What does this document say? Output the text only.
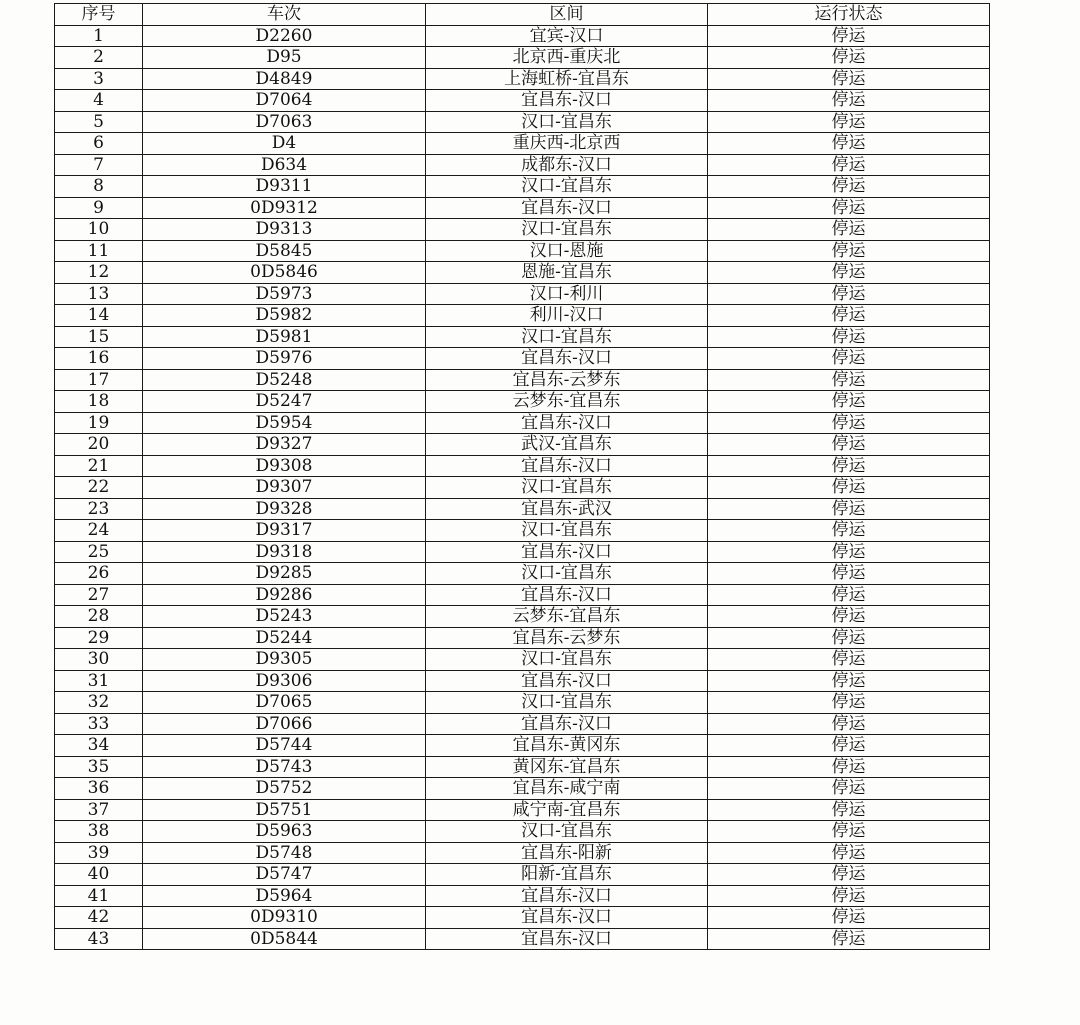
序号	车次	区间	运行状态
1	D2260	宜宾-汉口	停运
2	D95	北京西-重庆北	停运
3	D4849	上海虹桥-宜昌东	停运
4	D7064	宜昌东-汉口	停运
5	D7063	汉口-宜昌东	停运
6	D4	重庆西-北京西	停运
7	D634	成都东-汉口	停运
8	D9311	汉口-宜昌东	停运
9	0D9312	宜昌东-汉口	停运
10	D9313	汉口-宜昌东	停运
11	D5845	汉口-恩施	停运
12	0D5846	恩施-宜昌东	停运
13	D5973	汉口-利川	停运
14	D5982	利川-汉口	停运
15	D5981	汉口-宜昌东	停运
16	D5976	宜昌东-汉口	停运
17	D5248	宜昌东-云梦东	停运
18	D5247	云梦东-宜昌东	停运
19	D5954	宜昌东-汉口	停运
20	D9327	武汉-宜昌东	停运
21	D9308	宜昌东-汉口	停运
22	D9307	汉口-宜昌东	停运
23	D9328	宜昌东-武汉	停运
24	D9317	汉口-宜昌东	停运
25	D9318	宜昌东-汉口	停运
26	D9285	汉口-宜昌东	停运
27	D9286	宜昌东-汉口	停运
28	D5243	云梦东-宜昌东	停运
29	D5244	宜昌东-云梦东	停运
30	D9305	汉口-宜昌东	停运
31	D9306	宜昌东-汉口	停运
32	D7065	汉口-宜昌东	停运
33	D7066	宜昌东-汉口	停运
34	D5744	宜昌东-黄冈东	停运
35	D5743	黄冈东-宜昌东	停运
36	D5752	宜昌东-咸宁南	停运
37	D5751	咸宁南-宜昌东	停运
38	D5963	汉口-宜昌东	停运
39	D5748	宜昌东-阳新	停运
40	D5747	阳新-宜昌东	停运
41	D5964	宜昌东-汉口	停运
42	0D9310	宜昌东-汉口	停运
43	0D5844	宜昌东-汉口	停运
